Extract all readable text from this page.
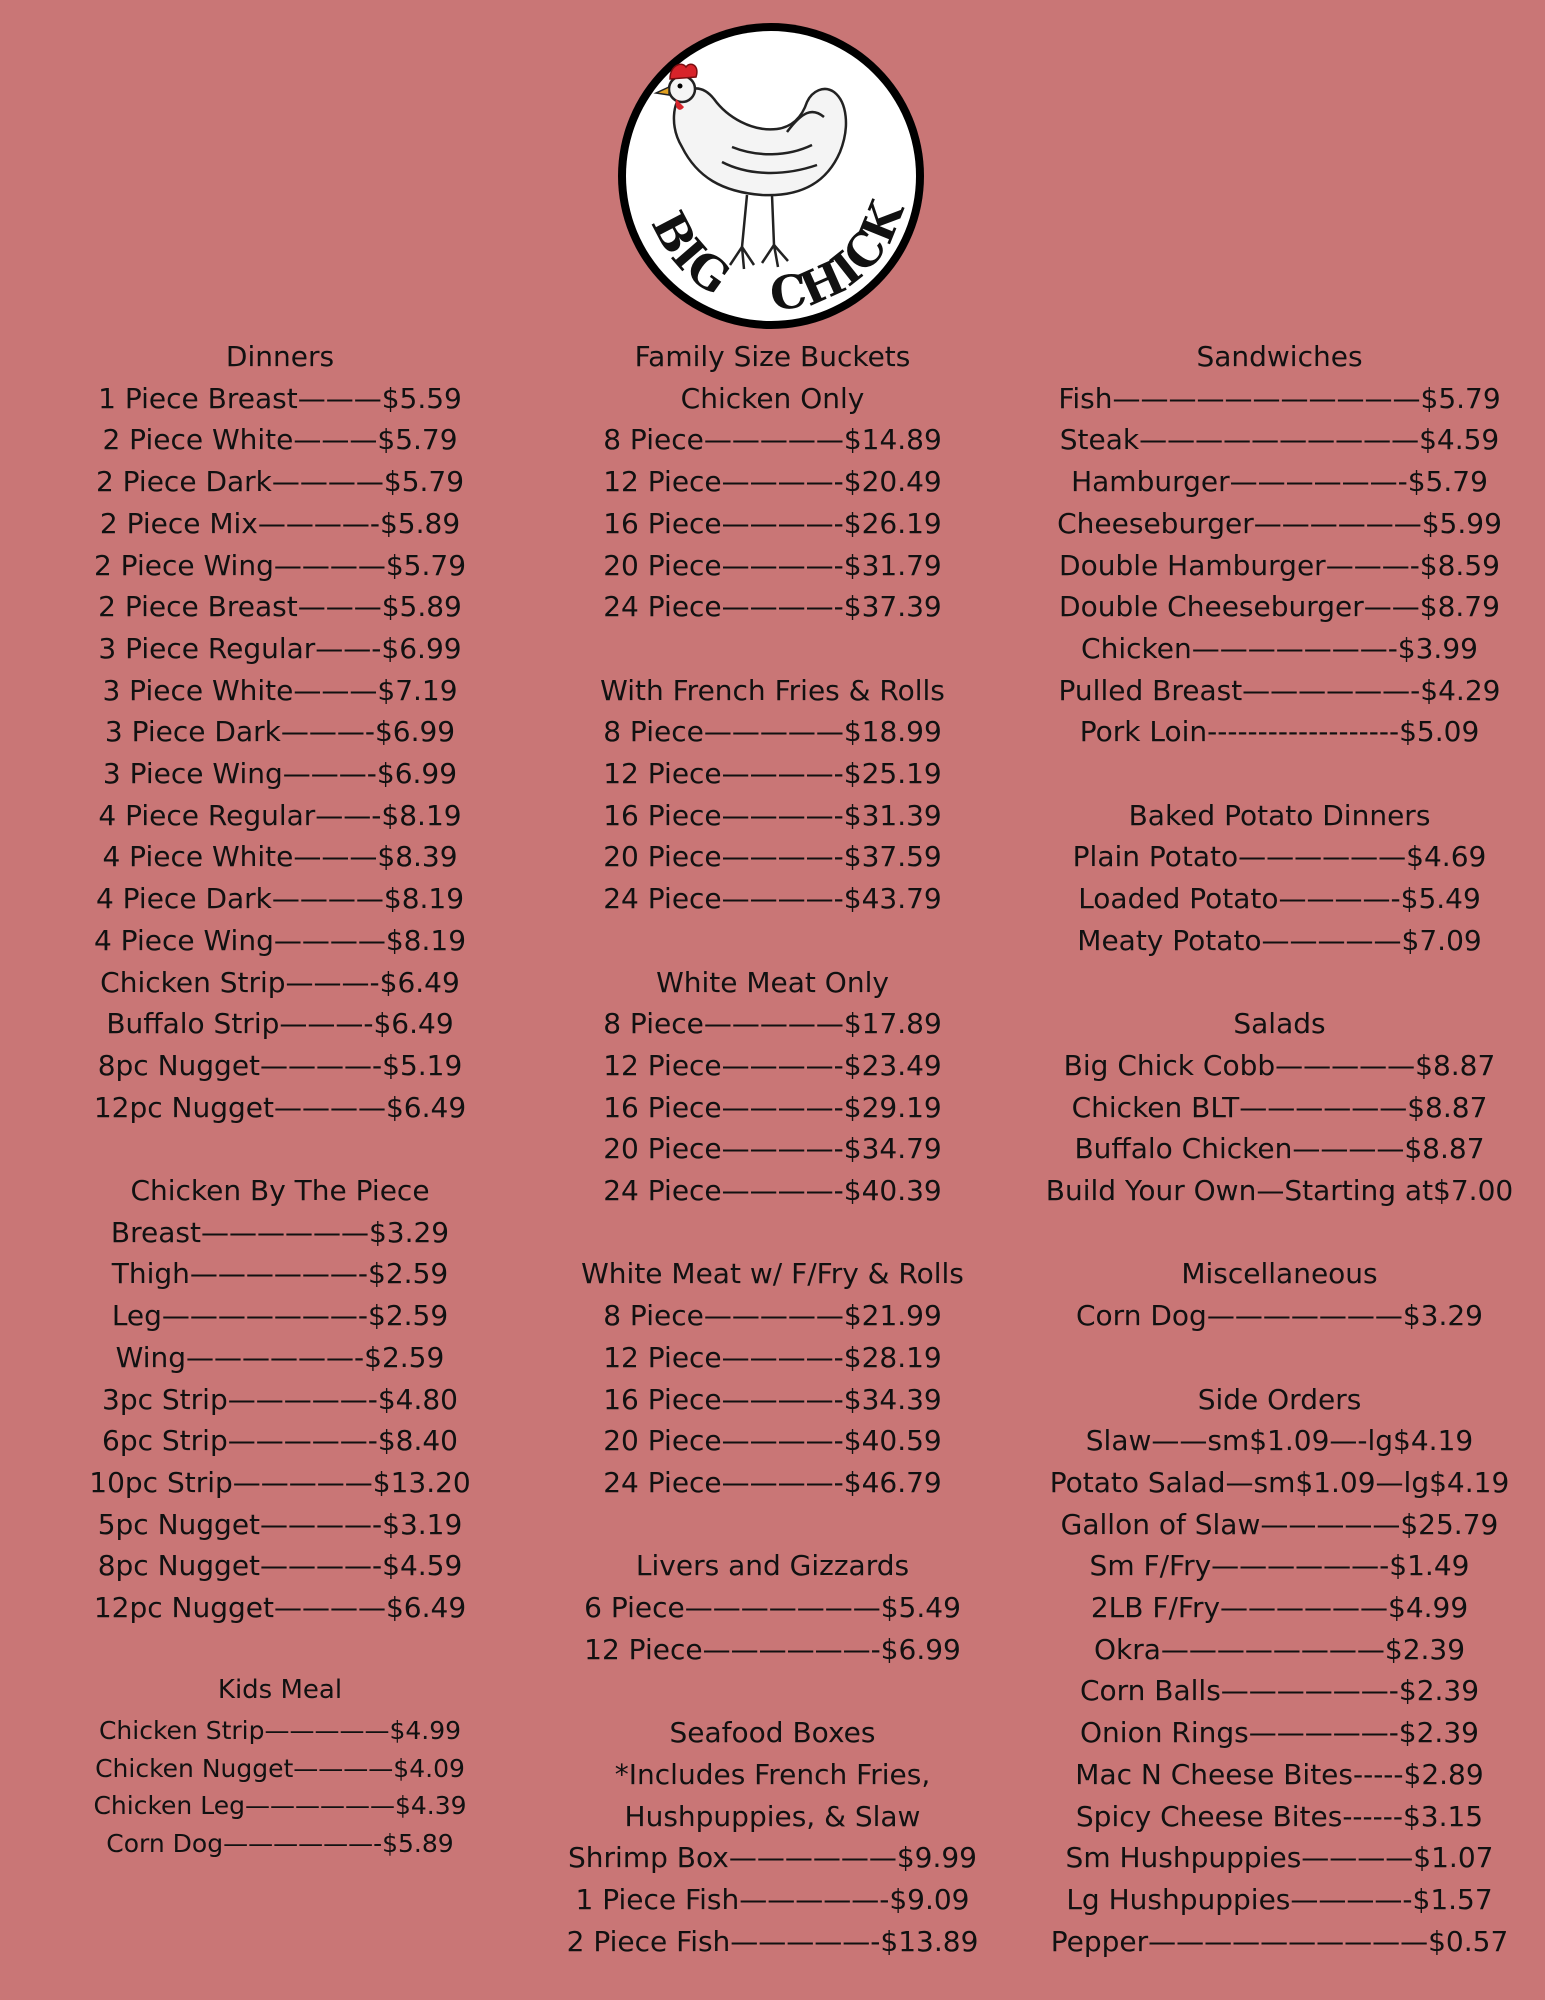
BIG CHICK
Dinners
1 Piece Breast———$5.59
2 Piece White———$5.79
2 Piece Dark————$5.79
2 Piece Mix————-$5.89
2 Piece Wing————$5.79
2 Piece Breast———$5.89
3 Piece Regular——-$6.99
3 Piece White———$7.19
3 Piece Dark———-$6.99
3 Piece Wing———-$6.99
4 Piece Regular——-$8.19
4 Piece White———$8.39
4 Piece Dark————$8.19
4 Piece Wing————$8.19
Chicken Strip———-$6.49
Buffalo Strip———-$6.49
8pc Nugget————-$5.19
12pc Nugget————$6.49
Chicken By The Piece
Breast——————$3.29
Thigh——————-$2.59
Leg———————-$2.59
Wing——————-$2.59
3pc Strip—————-$4.80
6pc Strip—————-$8.40
10pc Strip—————$13.20
5pc Nugget————-$3.19
8pc Nugget————-$4.59
12pc Nugget————$6.49
Kids Meal
Chicken Strip—————$4.99
Chicken Nugget————$4.09
Chicken Leg——————$4.39
Corn Dog——————-$5.89
Family Size Buckets
Chicken Only
8 Piece—————$14.89
12 Piece————-$20.49
16 Piece————-$26.19
20 Piece————-$31.79
24 Piece————-$37.39
With French Fries & Rolls
8 Piece—————$18.99
12 Piece————-$25.19
16 Piece————-$31.39
20 Piece————-$37.59
24 Piece————-$43.79
White Meat Only
8 Piece—————$17.89
12 Piece————-$23.49
16 Piece————-$29.19
20 Piece————-$34.79
24 Piece————-$40.39
White Meat w/ F/Fry & Rolls
8 Piece—————$21.99
12 Piece————-$28.19
16 Piece————-$34.39
20 Piece————-$40.59
24 Piece————-$46.79
Livers and Gizzards
6 Piece———————$5.49
12 Piece——————-$6.99
Seafood Boxes
*Includes French Fries,
Hushpuppies, & Slaw
Shrimp Box——————$9.99
1 Piece Fish—————-$9.09
2 Piece Fish—————-$13.89
Sandwiches
Fish———————————$5.79
Steak——————————$4.59
Hamburger——————-$5.79
Cheeseburger——————$5.99
Double Hamburger———-$8.59
Double Cheeseburger——$8.79
Chicken———————-$3.99
Pulled Breast——————-$4.29
Pork Loin-------------------$5.09
Baked Potato Dinners
Plain Potato——————$4.69
Loaded Potato————-$5.49
Meaty Potato—————$7.09
Salads
Big Chick Cobb—————$8.87
Chicken BLT——————$8.87
Buffalo Chicken————$8.87
Build Your Own—Starting at$7.00
Miscellaneous
Corn Dog———————$3.29
Side Orders
Slaw——sm$1.09—-lg$4.19
Potato Salad—sm$1.09—lg$4.19
Gallon of Slaw—————$25.79
Sm F/Fry——————-$1.49
2LB F/Fry——————$4.99
Okra————————$2.39
Corn Balls——————-$2.39
Onion Rings—————-$2.39
Mac N Cheese Bites-----$2.89
Spicy Cheese Bites------$3.15
Sm Hushpuppies————$1.07
Lg Hushpuppies————-$1.57
Pepper——————————$0.57
